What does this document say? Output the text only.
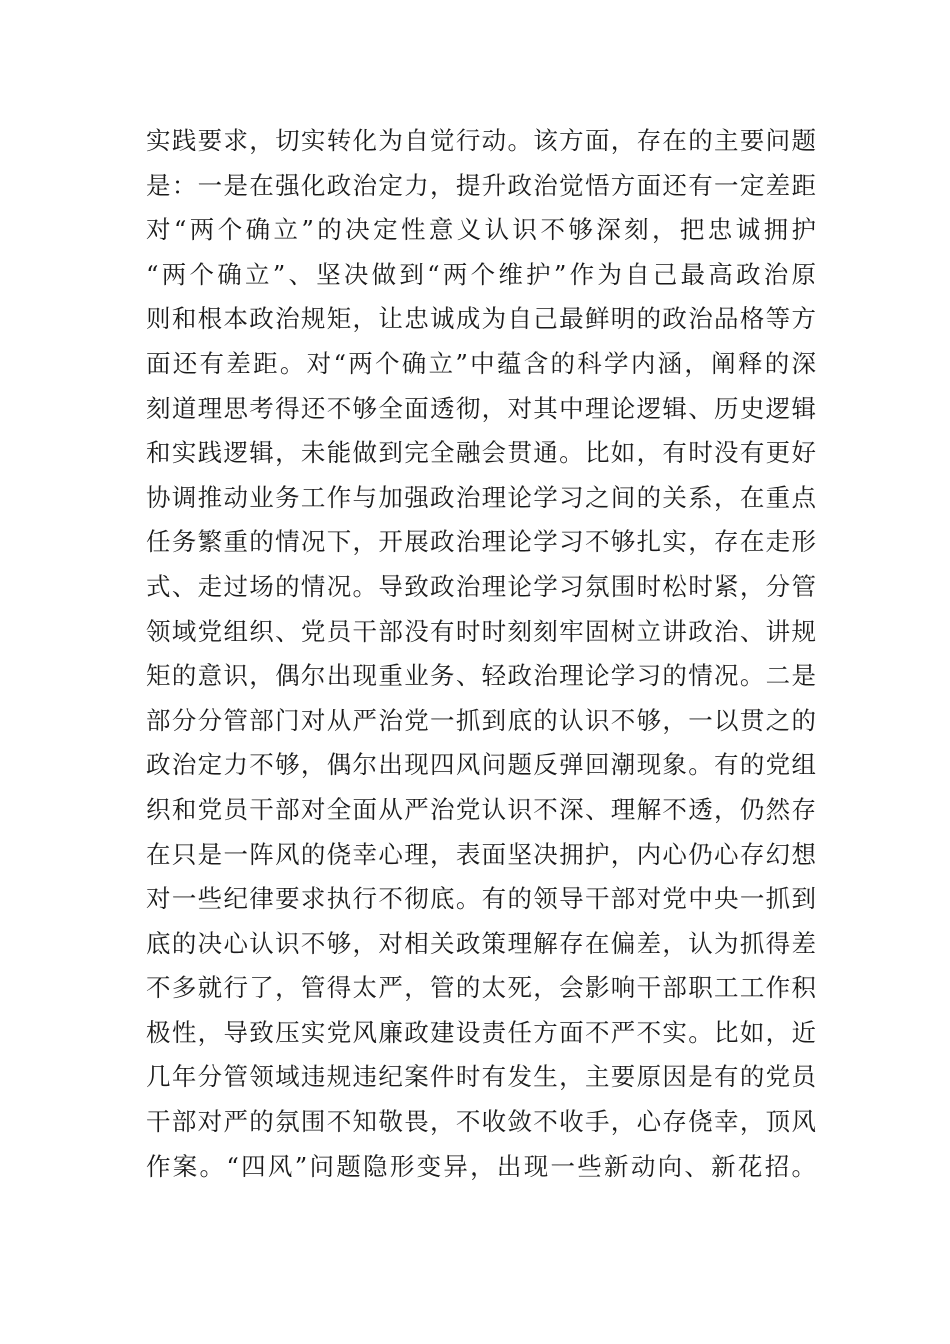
实践要求，切实转化为自觉行动。该方面，存在的主要问题
是：一是在强化政治定力，提升政治觉悟方面还有一定差距
对“两个确立”的决定性意义认识不够深刻，把忠诚拥护
“两个确立”、坚决做到“两个维护”作为自己最高政治原
则和根本政治规矩，让忠诚成为自己最鲜明的政治品格等方
面还有差距。对“两个确立”中蕴含的科学内涵，阐释的深
刻道理思考得还不够全面透彻，对其中理论逻辑、历史逻辑
和实践逻辑，未能做到完全融会贯通。比如，有时没有更好
协调推动业务工作与加强政治理论学习之间的关系，在重点
任务繁重的情况下，开展政治理论学习不够扎实，存在走形
式、走过场的情况。导致政治理论学习氛围时松时紧，分管
领域党组织、党员干部没有时时刻刻牢固树立讲政治、讲规
矩的意识，偶尔出现重业务、轻政治理论学习的情况。二是
部分分管部门对从严治党一抓到底的认识不够，一以贯之的
政治定力不够，偶尔出现四风问题反弹回潮现象。有的党组
织和党员干部对全面从严治党认识不深、理解不透，仍然存
在只是一阵风的侥幸心理，表面坚决拥护，内心仍心存幻想
对一些纪律要求执行不彻底。有的领导干部对党中央一抓到
底的决心认识不够，对相关政策理解存在偏差，认为抓得差
不多就行了，管得太严，管的太死，会影响干部职工工作积
极性，导致压实党风廉政建设责任方面不严不实。比如，近
几年分管领域违规违纪案件时有发生，主要原因是有的党员
干部对严的氛围不知敬畏，不收敛不收手，心存侥幸，顶风
作案。“四风”问题隐形变异，出现一些新动向、新花招。
